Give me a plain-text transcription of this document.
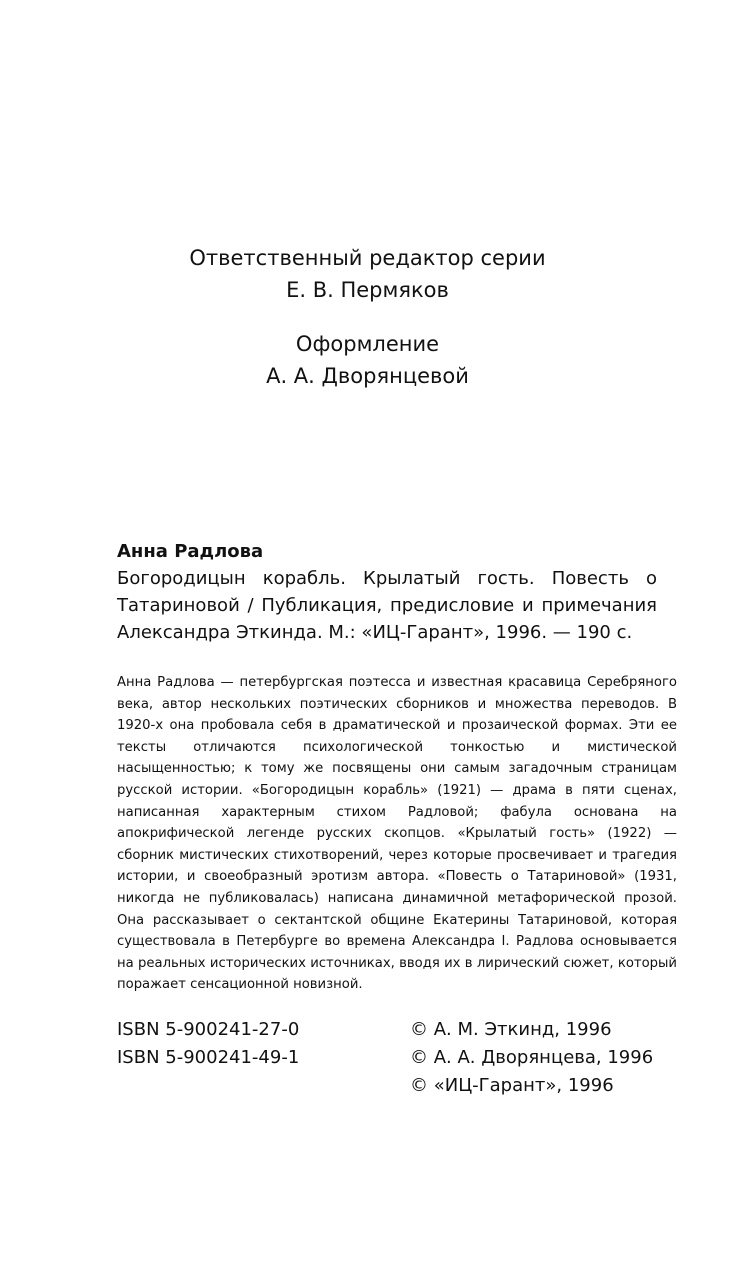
Ответственный редактор серии
Е. В. Пермяков
Оформление
А. А. Дворянцевой
Анна Радлова
Богородицын корабль. Крылатый гость. Повесть о Татариновой / Публикация, предисловие и примечания Александра Эткинда. М.: «ИЦ-Гарант», 1996. — 190 с.
Анна Радлова — петербургская поэтесса и известная красавица Серебряного века, автор нескольких поэтических сборников и множества переводов. В 1920-х она пробовала себя в драматической и прозаической формах. Эти ее тексты отличаются психологической тонкостью и мистической насыщенностью; к тому же посвящены они самым загадочным страницам русской истории. «Богородицын корабль» (1921) — драма в пяти сценах, написанная характерным стихом Радловой; фабула основана на апокрифической легенде русских скопцов. «Крылатый гость» (1922) — сборник мистических стихотворений, через которые просвечивает и трагедия истории, и своеобразный эротизм автора. «Повесть о Татариновой» (1931, никогда не публиковалась) написана динамичной метафорической прозой. Она рассказывает о сектантской общине Екатерины Татариновой, которая существовала в Петербурге во времена Александра I. Радлова основывается на реальных исторических источниках, вводя их в лирический сюжет, который поражает сенсационной новизной.
ISBN 5-900241-27-0
ISBN 5-900241-49-1
© А. М. Эткинд, 1996
© А. А. Дворянцева, 1996
© «ИЦ-Гарант», 1996
